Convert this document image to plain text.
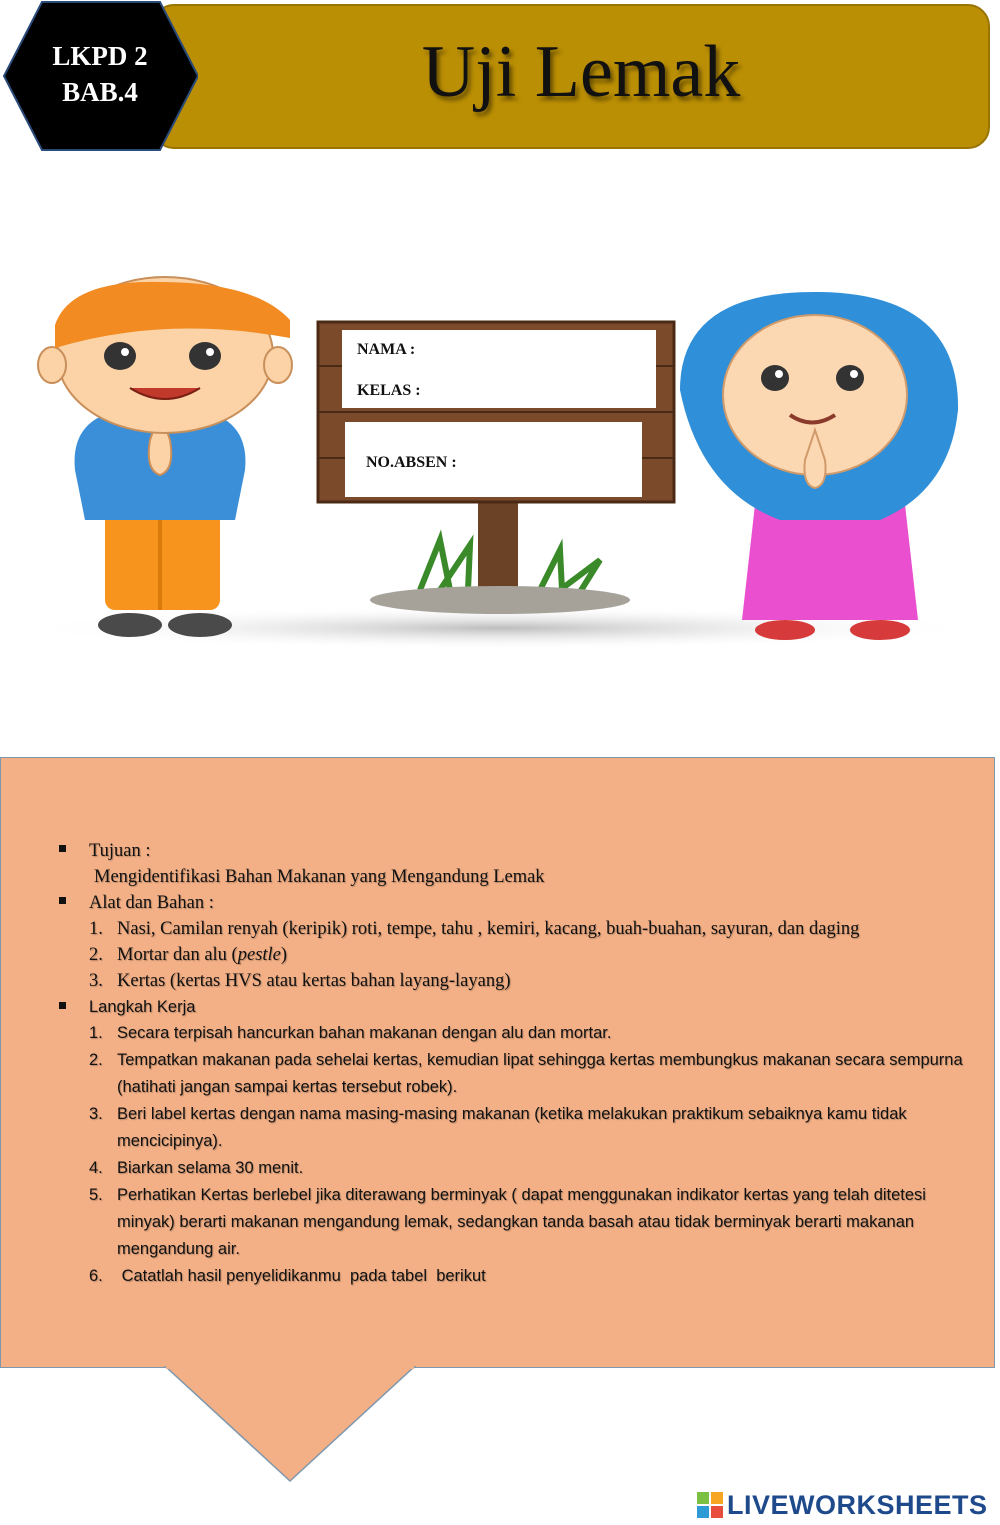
Uji Lemak
LKPD 2
BAB.4
NAMA :
KELAS :
NO.ABSEN :
Tujuan :
Mengidentifikasi Bahan Makanan yang Mengandung Lemak
Alat dan Bahan :
1. Nasi, Camilan renyah (keripik) roti, tempe, tahu , kemiri, kacang, buah-buahan, sayuran, dan daging
2. Mortar dan alu (pestle)
3. Kertas (kertas HVS atau kertas bahan layang-layang)
Langkah Kerja
1. Secara terpisah hancurkan bahan makanan dengan alu dan mortar.
2. Tempatkan makanan pada sehelai kertas, kemudian lipat sehingga kertas membungkus makanan secara sempurna (hatihati jangan sampai kertas tersebut robek).
3. Beri label kertas dengan nama masing-masing makanan (ketika melakukan praktikum sebaiknya kamu tidak mencicipinya).
4. Biarkan selama 30 menit.
5. Perhatikan Kertas berlebel jika diterawang berminyak ( dapat menggunakan indikator kertas yang telah ditetesi minyak) berarti makanan mengandung lemak, sedangkan tanda basah atau tidak berminyak berarti makanan mengandung air.
6. Catatlah hasil penyelidikanmu  pada tabel  berikut
LIVEWORKSHEETS
